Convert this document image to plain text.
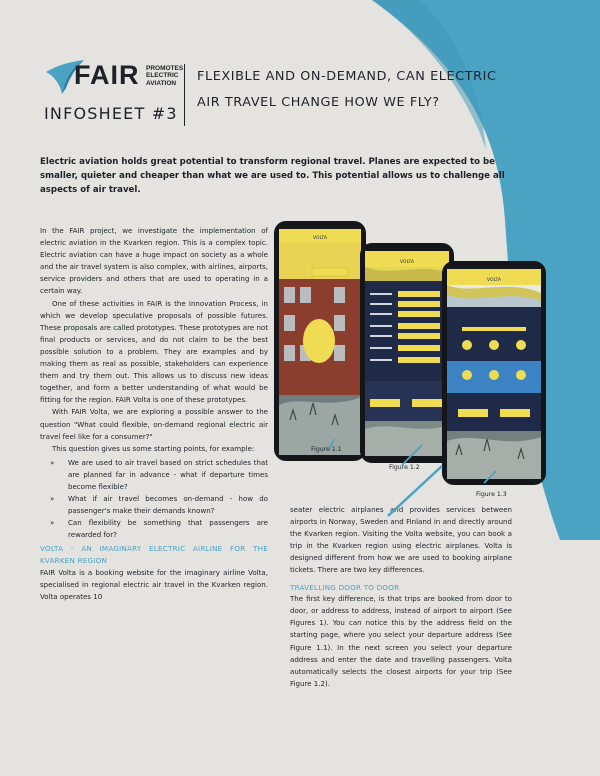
FAIR PROMOTES
ELECTRIC
AVIATION
INFOSHEET #3
FLEXIBLE AND ON-DEMAND, CAN ELECTRIC
AIR TRAVEL CHANGE HOW WE FLY?

Electric aviation holds great potential to transform regional travel. Planes are expected to be smaller, quieter and cheaper than what we are used to. This potential allows us to challenge all aspects of air travel.

In the FAIR project, we investigate the implementation of electric aviation in the Kvarken region. This is a complex topic. Electric aviation can have a huge impact on society as a whole and the air travel system is also complex, with airlines, airports, service providers and others that are used to operating in a certain way.

One of these activities in FAIR is the Innovation Process, in which we develop speculative proposals of possible futures. These proposals are called prototypes. These prototypes are not final products or services, and do not claim to be the best possible solution to a problem. They are examples and by making them as real as possible, stakeholders can experience them and try them out. This allows us to discuss new ideas together, and form a better understanding of what would be fitting for the region. FAIR Volta is one of these prototypes.

With FAIR Volta, we are exploring a possible answer to the question "What could flexible, on-demand regional electric air travel feel like for a consumer?"

This question gives us some starting points, for example:

» We are used to air travel based on strict schedules that are planned far in advance - what if departure times become flexible?
» What if air travel becomes on-demand - how do passenger's make their demands known?
» Can flexibility be something that passengers are rewarded for?

VOLTA - AN IMAGINARY ELECTRIC AIRLINE FOR THE KVARKEN REGION

FAIR Volta is a booking website for the imaginary airline Volta, specialised in regional electric air travel in the Kvarken region. Volta operates 10

seater electric airplanes and provides services between airports in Norway, Sweden and Finland in and directly around the Kvarken region. Visiting the Volta website, you can book a trip in the Kvarken region using electric airplanes. Volta is designed different from how we are used to booking airplane tickets. There are two key differences.

TRAVELLING DOOR TO DOOR

The first key difference, is that trips are booked from door to door, or address to address, instead of airport to airport (See Figures 1). You can notice this by the address field on the starting page, where you select your departure address (See Figure 1.1). In the next screen you select your departure address and enter the date and travelling passengers. Volta automatically selects the closest airports for your trip (See Figure 1.2).

VOLTA
VOLTA
VOLTA
Figure 1.1
Figure 1.2
Figure 1.3
